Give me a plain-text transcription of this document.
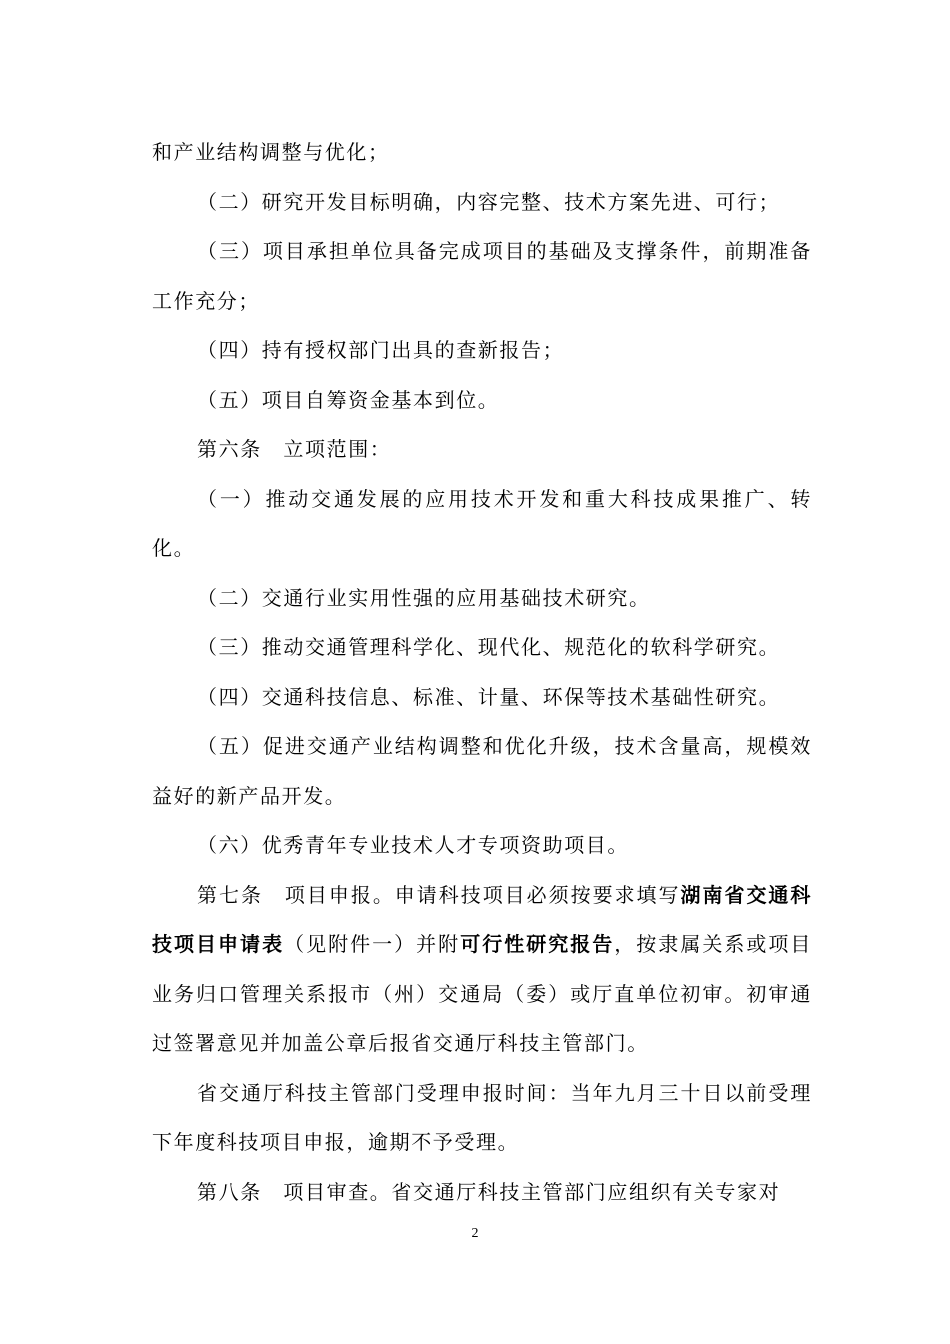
和产业结构调整与优化；

（二）研究开发目标明确，内容完整、技术方案先进、可行；

（三）项目承担单位具备完成项目的基础及支撑条件，前期准备工作充分；

（四）持有授权部门出具的查新报告；

（五）项目自筹资金基本到位。

第六条　立项范围：

（一）推动交通发展的应用技术开发和重大科技成果推广、转化。

（二）交通行业实用性强的应用基础技术研究。

（三）推动交通管理科学化、现代化、规范化的软科学研究。

（四）交通科技信息、标准、计量、环保等技术基础性研究。

（五）促进交通产业结构调整和优化升级，技术含量高，规模效益好的新产品开发。

（六）优秀青年专业技术人才专项资助项目。

第七条　项目申报。申请科技项目必须按要求填写湖南省交通科技项目申请表（见附件一）并附可行性研究报告，按隶属关系或项目业务归口管理关系报市（州）交通局（委）或厅直单位初审。初审通过签署意见并加盖公章后报省交通厅科技主管部门。

省交通厅科技主管部门受理申报时间：当年九月三十日以前受理下年度科技项目申报，逾期不予受理。

第八条　项目审查。省交通厅科技主管部门应组织有关专家对

2
